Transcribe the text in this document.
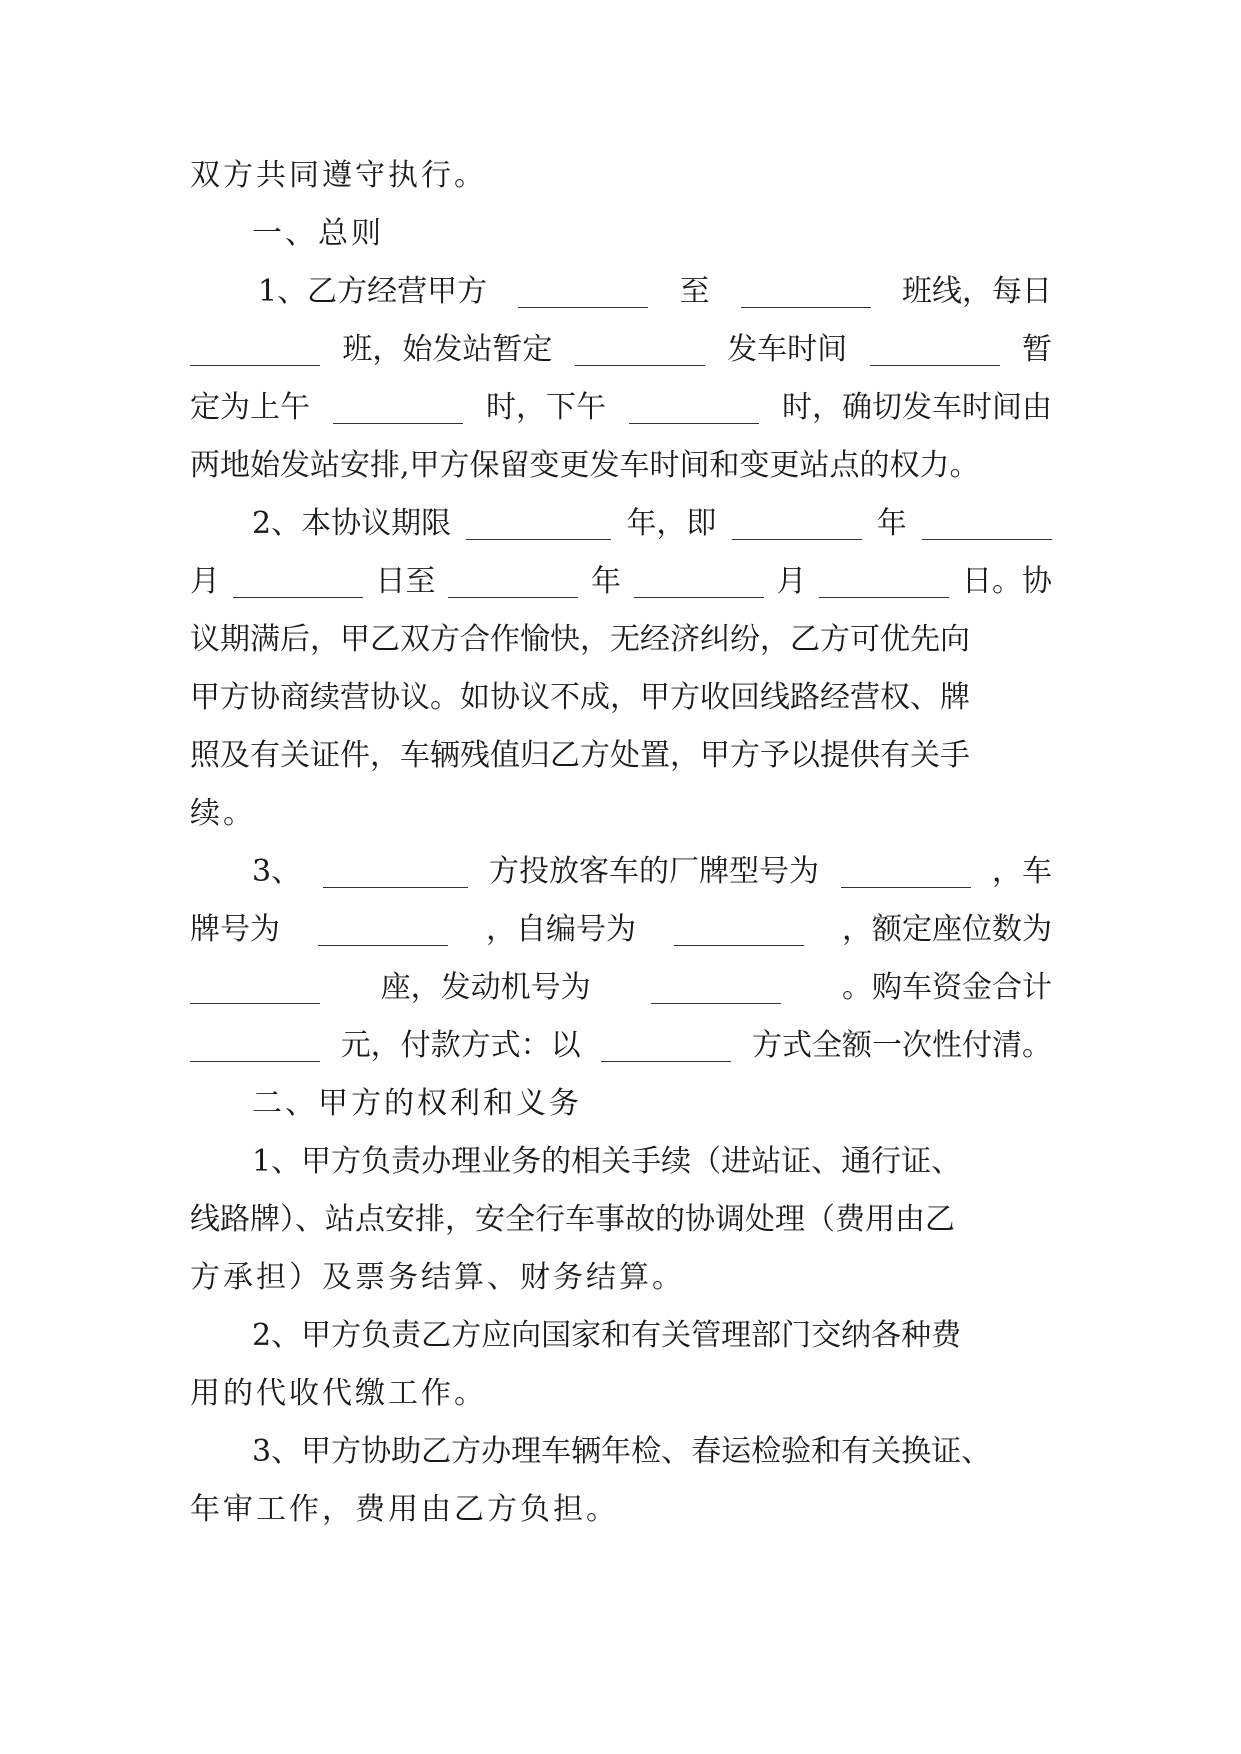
双方共同遵守执行。
一、总则
1、乙方经营甲方	至	班线，每日
班，始发站暂定	发车时间	暂
定为上午	时，下午	时，确切发车时间由
两地始发站安排,甲方保留变更发车时间和变更站点的权力。
2、本协议期限	年，即	年
月	日至	年	月	日。协
议期满后，甲乙双方合作愉快，无经济纠纷，乙方可优先向
甲方协商续营协议。如协议不成，甲方收回线路经营权、牌
照及有关证件，车辆残值归乙方处置，甲方予以提供有关手
续。
3、	方投放客车的厂牌型号为	，车
牌号为	，自编号为	，额定座位数为
座，发动机号为	。购车资金合计
元，付款方式：以	方式全额一次性付清。
二、甲方的权利和义务
1、甲方负责办理业务的相关手续（进站证、通行证、
线路牌）、站点安排，安全行车事故的协调处理（费用由乙
方承担）及票务结算、财务结算。
2、甲方负责乙方应向国家和有关管理部门交纳各种费
用的代收代缴工作。
3、甲方协助乙方办理车辆年检、春运检验和有关换证、
年审工作，费用由乙方负担。
